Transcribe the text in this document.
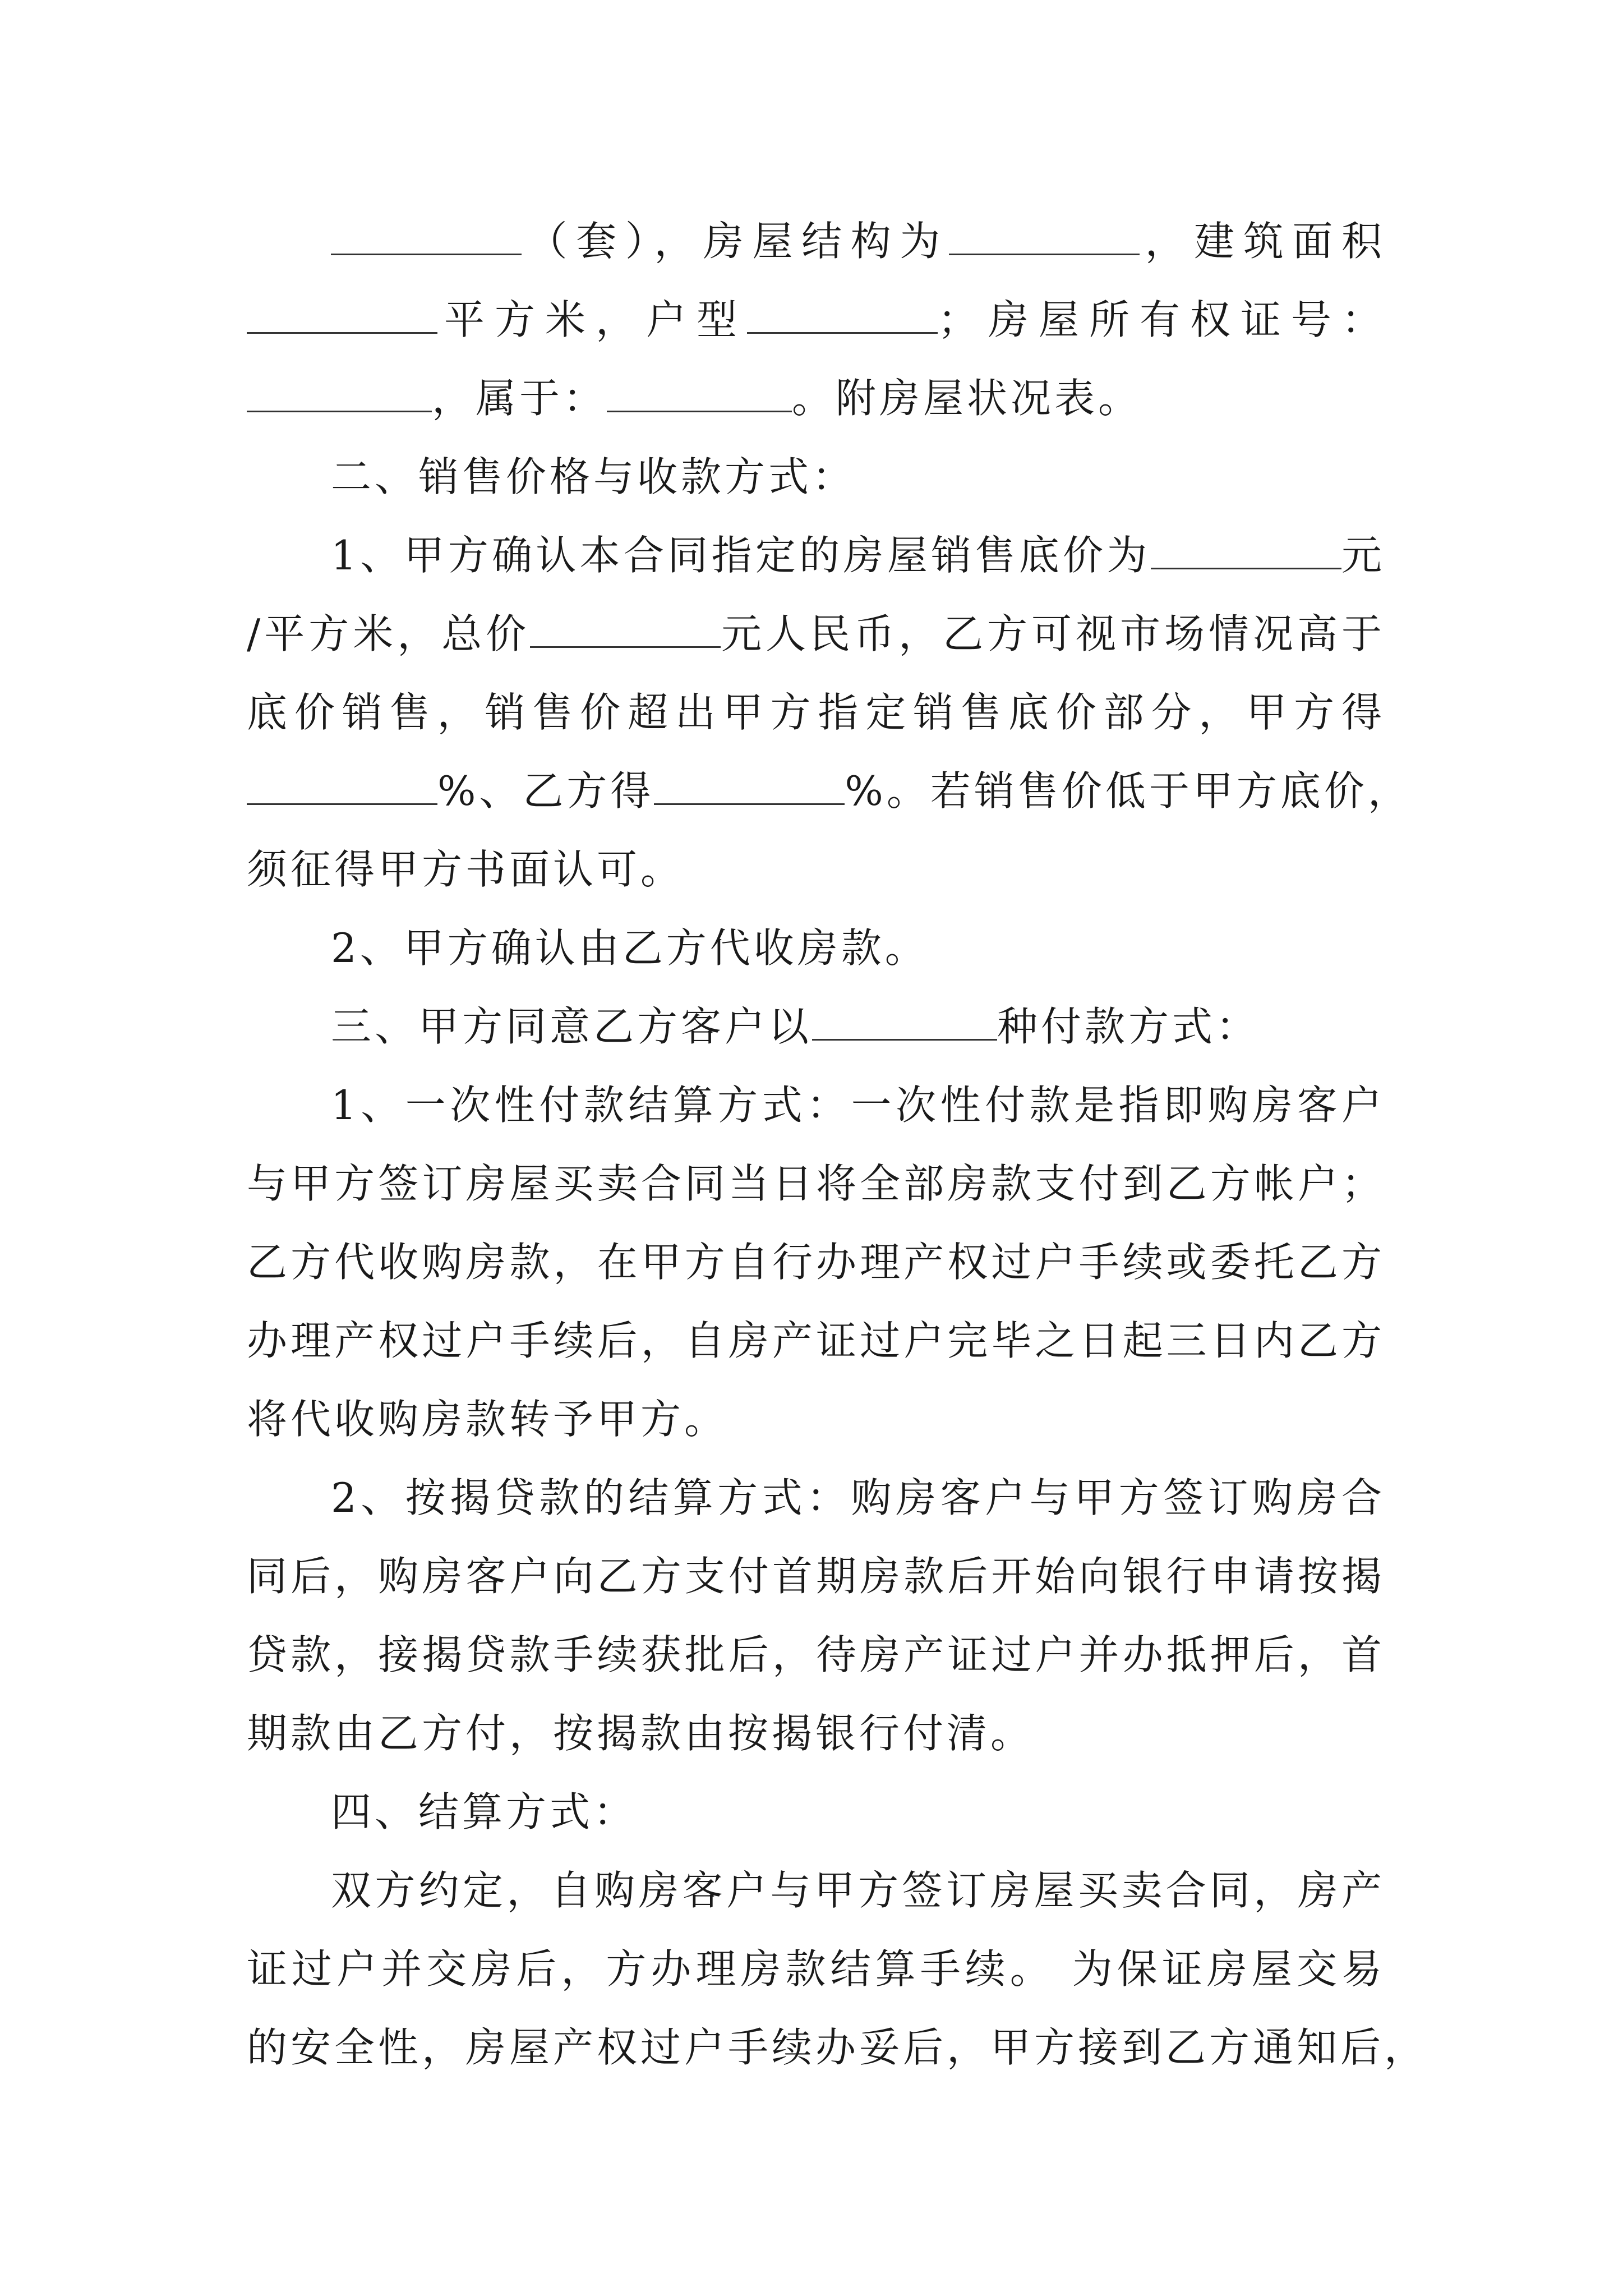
（套），房屋结构为	，建筑面积
平方米，户型	；房屋所有权证号：
，属于：	。附房屋状况表。
二、销售价格与收款方式：
1、甲方确认本合同指定的房屋销售底价为	元
/平方米，总价	元人民币，乙方可视市场情况高于
底价销售，销售价超出甲方指定销售底价部分，甲方得
%、乙方得	%。若销售价低于甲方底价，
须征得甲方书面认可。
2、甲方确认由乙方代收房款。
三、甲方同意乙方客户以	种付款方式：
1、一次性付款结算方式：一次性付款是指即购房客户
与甲方签订房屋买卖合同当日将全部房款支付到乙方帐户；
乙方代收购房款，在甲方自行办理产权过户手续或委托乙方
办理产权过户手续后，自房产证过户完毕之日起三日内乙方
将代收购房款转予甲方。
2、按揭贷款的结算方式：购房客户与甲方签订购房合
同后，购房客户向乙方支付首期房款后开始向银行申请按揭
贷款，接揭贷款手续获批后，待房产证过户并办抵押后，首
期款由乙方付，按揭款由按揭银行付清。
四、结算方式：
双方约定，自购房客户与甲方签订房屋买卖合同，房产
证过户并交房后，方办理房款结算手续。 为保证房屋交易
的安全性，房屋产权过户手续办妥后，甲方接到乙方通知后，
